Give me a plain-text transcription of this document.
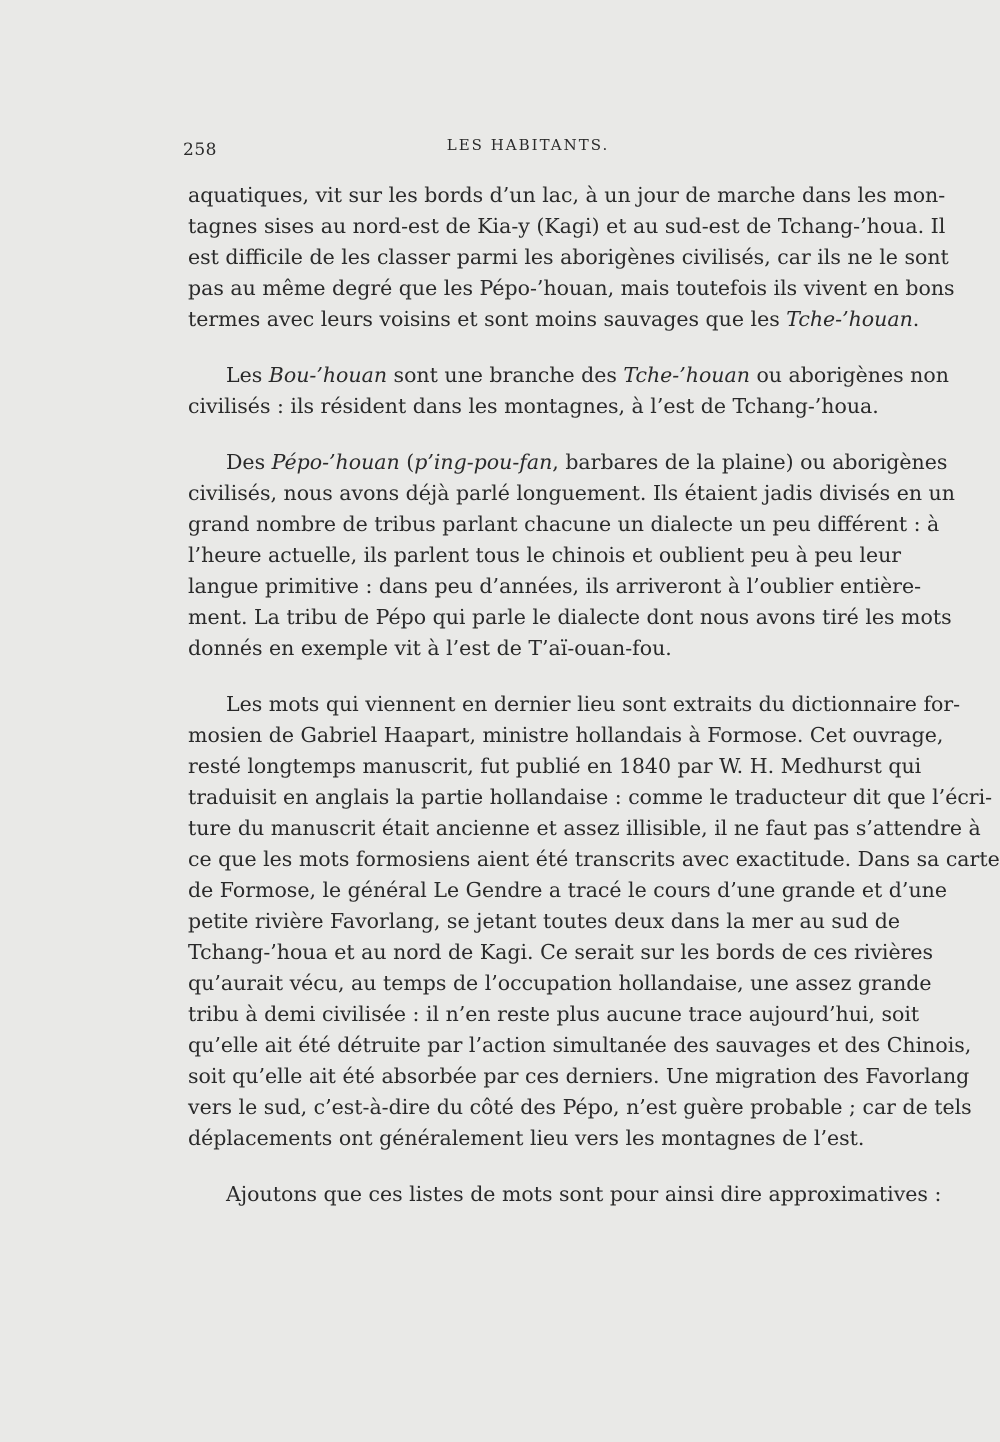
258	LES HABITANTS.
aquatiques, vit sur les bords d’un lac, à un jour de marche dans les mon-
tagnes sises au nord-est de Kia-y (Kagi) et au sud-est de Tchang-’houa. Il
est difficile de les classer parmi les aborigènes civilisés, car ils ne le sont
pas au même degré que les Pépo-’houan, mais toutefois ils vivent en bons
termes avec leurs voisins et sont moins sauvages que les Tche-’houan.
Les Bou-’houan sont une branche des Tche-’houan ou aborigènes non
civilisés : ils résident dans les montagnes, à l’est de Tchang-’houa.
Des Pépo-’houan (p’ing-pou-fan, barbares de la plaine) ou aborigènes
civilisés, nous avons déjà parlé longuement. Ils étaient jadis divisés en un
grand nombre de tribus parlant chacune un dialecte un peu différent : à
l’heure actuelle, ils parlent tous le chinois et oublient peu à peu leur
langue primitive : dans peu d’années, ils arriveront à l’oublier entière-
ment. La tribu de Pépo qui parle le dialecte dont nous avons tiré les mots
donnés en exemple vit à l’est de T’aï-ouan-fou.
Les mots qui viennent en dernier lieu sont extraits du dictionnaire for-
mosien de Gabriel Haapart, ministre hollandais à Formose. Cet ouvrage,
resté longtemps manuscrit, fut publié en 1840 par W. H. Medhurst qui
traduisit en anglais la partie hollandaise : comme le traducteur dit que l’écri-
ture du manuscrit était ancienne et assez illisible, il ne faut pas s’attendre à
ce que les mots formosiens aient été transcrits avec exactitude. Dans sa carte
de Formose, le général Le Gendre a tracé le cours d’une grande et d’une
petite rivière Favorlang, se jetant toutes deux dans la mer au sud de
Tchang-’houa et au nord de Kagi. Ce serait sur les bords de ces rivières
qu’aurait vécu, au temps de l’occupation hollandaise, une assez grande
tribu à demi civilisée : il n’en reste plus aucune trace aujourd’hui, soit
qu’elle ait été détruite par l’action simultanée des sauvages et des Chinois,
soit qu’elle ait été absorbée par ces derniers. Une migration des Favorlang
vers le sud, c’est-à-dire du côté des Pépo, n’est guère probable ; car de tels
déplacements ont généralement lieu vers les montagnes de l’est.
Ajoutons que ces listes de mots sont pour ainsi dire approximatives :
